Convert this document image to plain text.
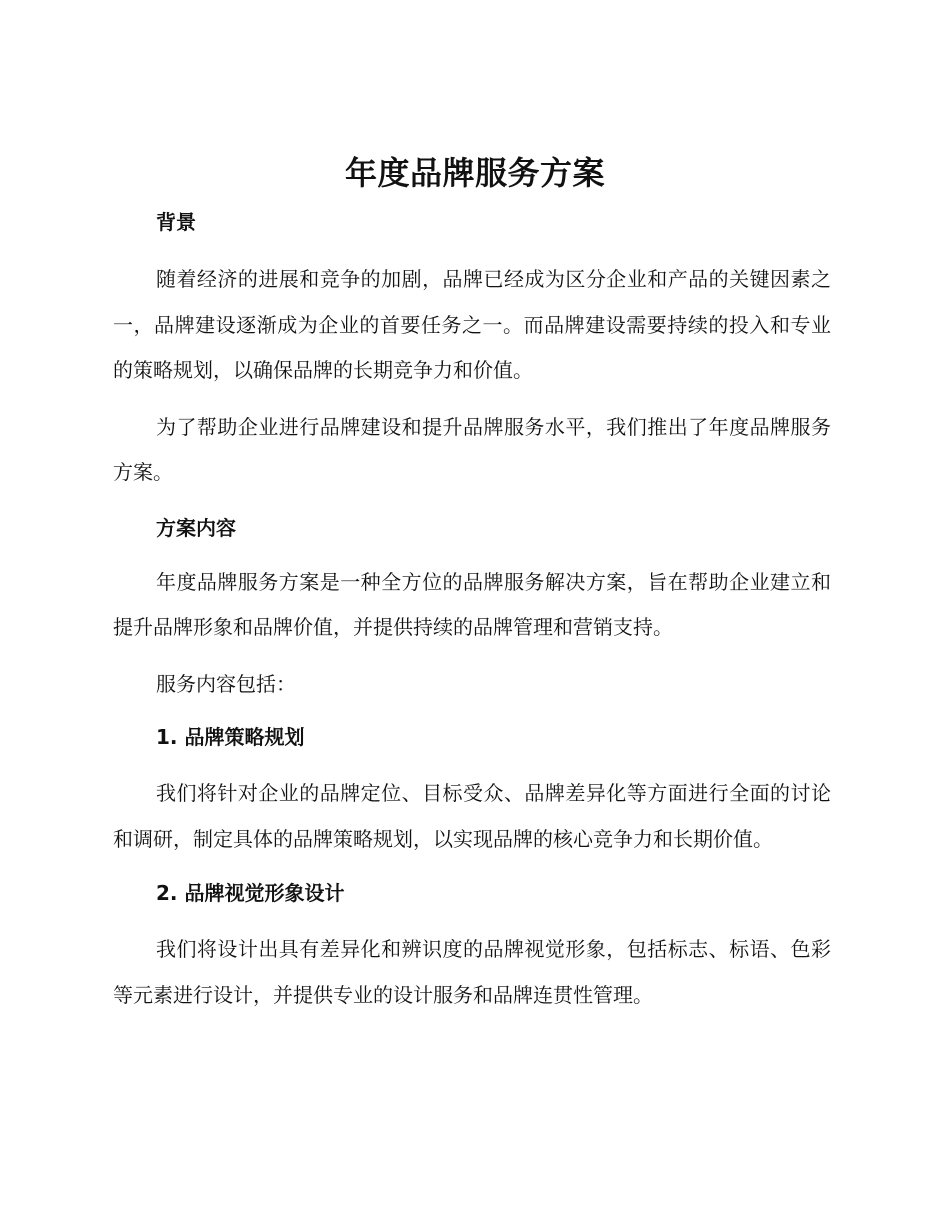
年度品牌服务方案

背景

随着经济的进展和竞争的加剧，品牌已经成为区分企业和产品的关键因素之一，品牌建设逐渐成为企业的首要任务之一。而品牌建设需要持续的投入和专业的策略规划，以确保品牌的长期竞争力和价值。

为了帮助企业进行品牌建设和提升品牌服务水平，我们推出了年度品牌服务方案。

方案内容

年度品牌服务方案是一种全方位的品牌服务解决方案，旨在帮助企业建立和提升品牌形象和品牌价值，并提供持续的品牌管理和营销支持。

服务内容包括：

1. 品牌策略规划

我们将针对企业的品牌定位、目标受众、品牌差异化等方面进行全面的讨论和调研，制定具体的品牌策略规划，以实现品牌的核心竞争力和长期价值。

2. 品牌视觉形象设计

我们将设计出具有差异化和辨识度的品牌视觉形象，包括标志、标语、色彩等元素进行设计，并提供专业的设计服务和品牌连贯性管理。
